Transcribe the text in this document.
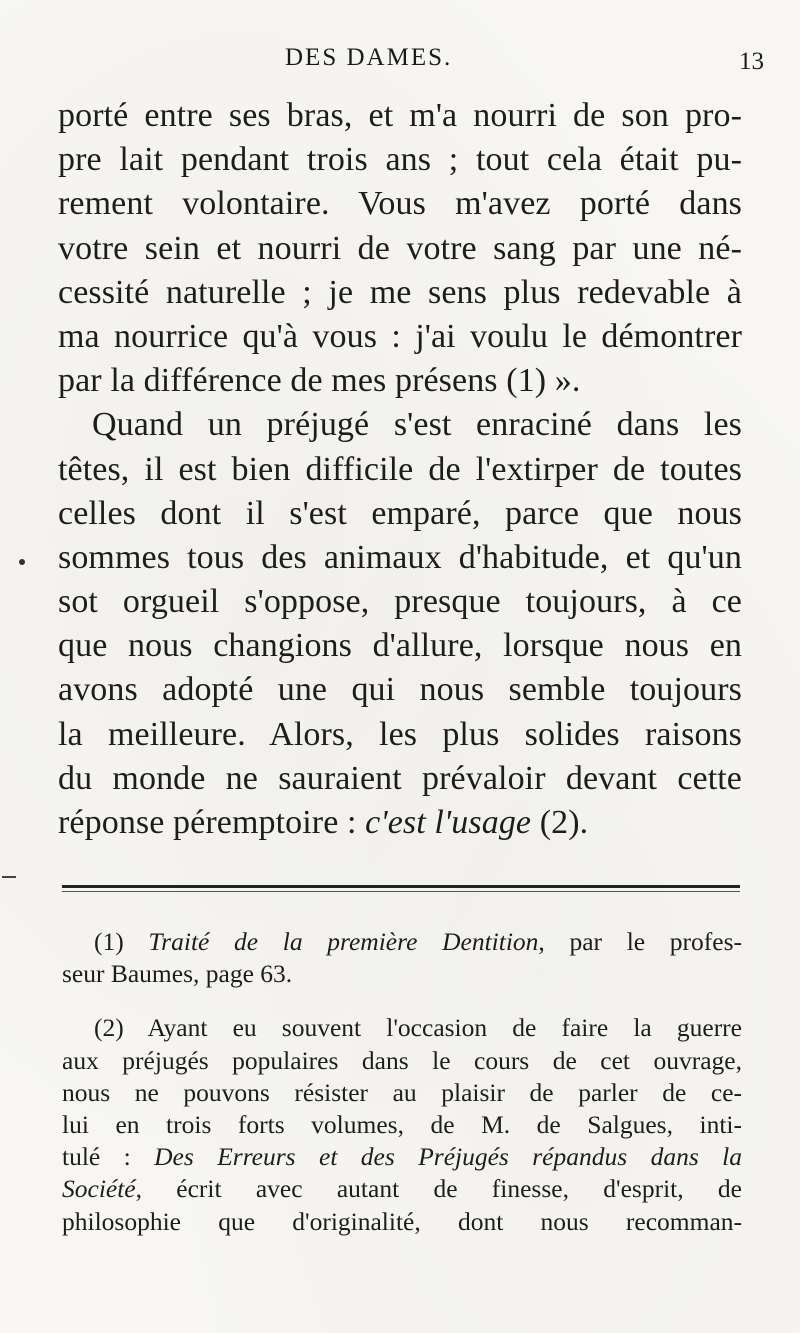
DES DAMES.	13
porté entre ses bras, et m'a nourri de son pro-
pre lait pendant trois ans ; tout cela était pu-
rement volontaire. Vous m'avez porté dans
votre sein et nourri de votre sang par une né-
cessité naturelle ; je me sens plus redevable à
ma nourrice qu'à vous : j'ai voulu le démontrer
par la différence de mes présens (1) ».
Quand un préjugé s'est enraciné dans les
têtes, il est bien difficile de l'extirper de toutes
celles dont il s'est emparé, parce que nous
sommes tous des animaux d'habitude, et qu'un
sot orgueil s'oppose, presque toujours, à ce
que nous changions d'allure, lorsque nous en
avons adopté une qui nous semble toujours
la meilleure. Alors, les plus solides raisons
du monde ne sauraient prévaloir devant cette
réponse péremptoire : c'est l'usage (2).
(1) Traité de la première Dentition, par le profes-
seur Baumes, page 63.
(2) Ayant eu souvent l'occasion de faire la guerre
aux préjugés populaires dans le cours de cet ouvrage,
nous ne pouvons résister au plaisir de parler de ce-
lui en trois forts volumes, de M. de Salgues, inti-
tulé : Des Erreurs et des Préjugés répandus dans la
Société, écrit avec autant de finesse, d'esprit, de
philosophie que d'originalité, dont nous recomman-
